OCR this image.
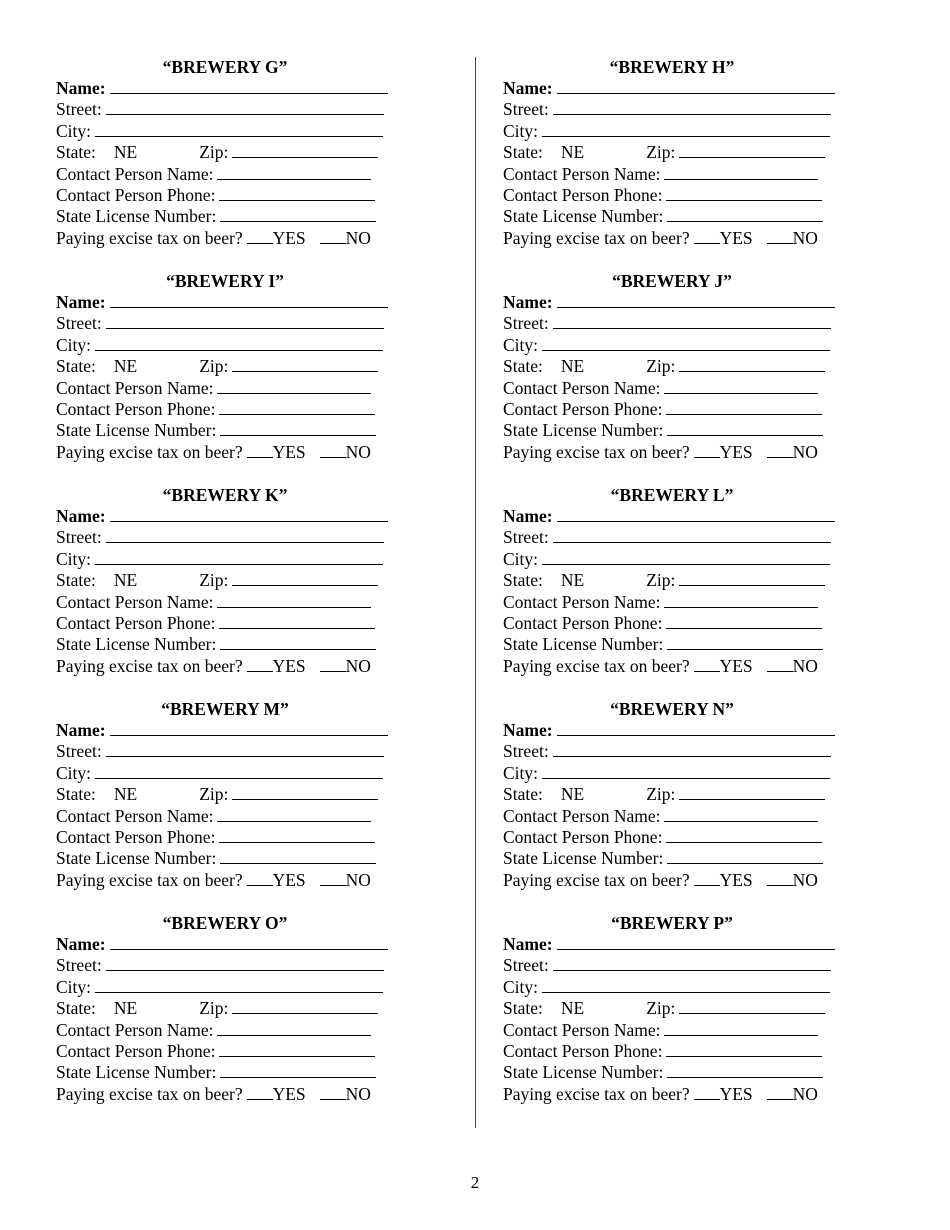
“BREWERY G”
Name:
Street:
City:
State: NE	Zip:
Contact Person Name:
Contact Person Phone:
State License Number:
Paying excise tax on beer? YES NO
“BREWERY I”
Name:
Street:
City:
State: NE	Zip:
Contact Person Name:
Contact Person Phone:
State License Number:
Paying excise tax on beer? YES NO
“BREWERY K”
Name:
Street:
City:
State: NE	Zip:
Contact Person Name:
Contact Person Phone:
State License Number:
Paying excise tax on beer? YES NO
“BREWERY M”
Name:
Street:
City:
State: NE	Zip:
Contact Person Name:
Contact Person Phone:
State License Number:
Paying excise tax on beer? YES NO
“BREWERY O”
Name:
Street:
City:
State: NE	Zip:
Contact Person Name:
Contact Person Phone:
State License Number:
Paying excise tax on beer? YES NO
“BREWERY H”
Name:
Street:
City:
State: NE	Zip:
Contact Person Name:
Contact Person Phone:
State License Number:
Paying excise tax on beer? YES NO
“BREWERY J”
Name:
Street:
City:
State: NE	Zip:
Contact Person Name:
Contact Person Phone:
State License Number:
Paying excise tax on beer? YES NO
“BREWERY L”
Name:
Street:
City:
State: NE	Zip:
Contact Person Name:
Contact Person Phone:
State License Number:
Paying excise tax on beer? YES NO
“BREWERY N”
Name:
Street:
City:
State: NE	Zip:
Contact Person Name:
Contact Person Phone:
State License Number:
Paying excise tax on beer? YES NO
“BREWERY P”
Name:
Street:
City:
State: NE	Zip:
Contact Person Name:
Contact Person Phone:
State License Number:
Paying excise tax on beer? YES NO
2
